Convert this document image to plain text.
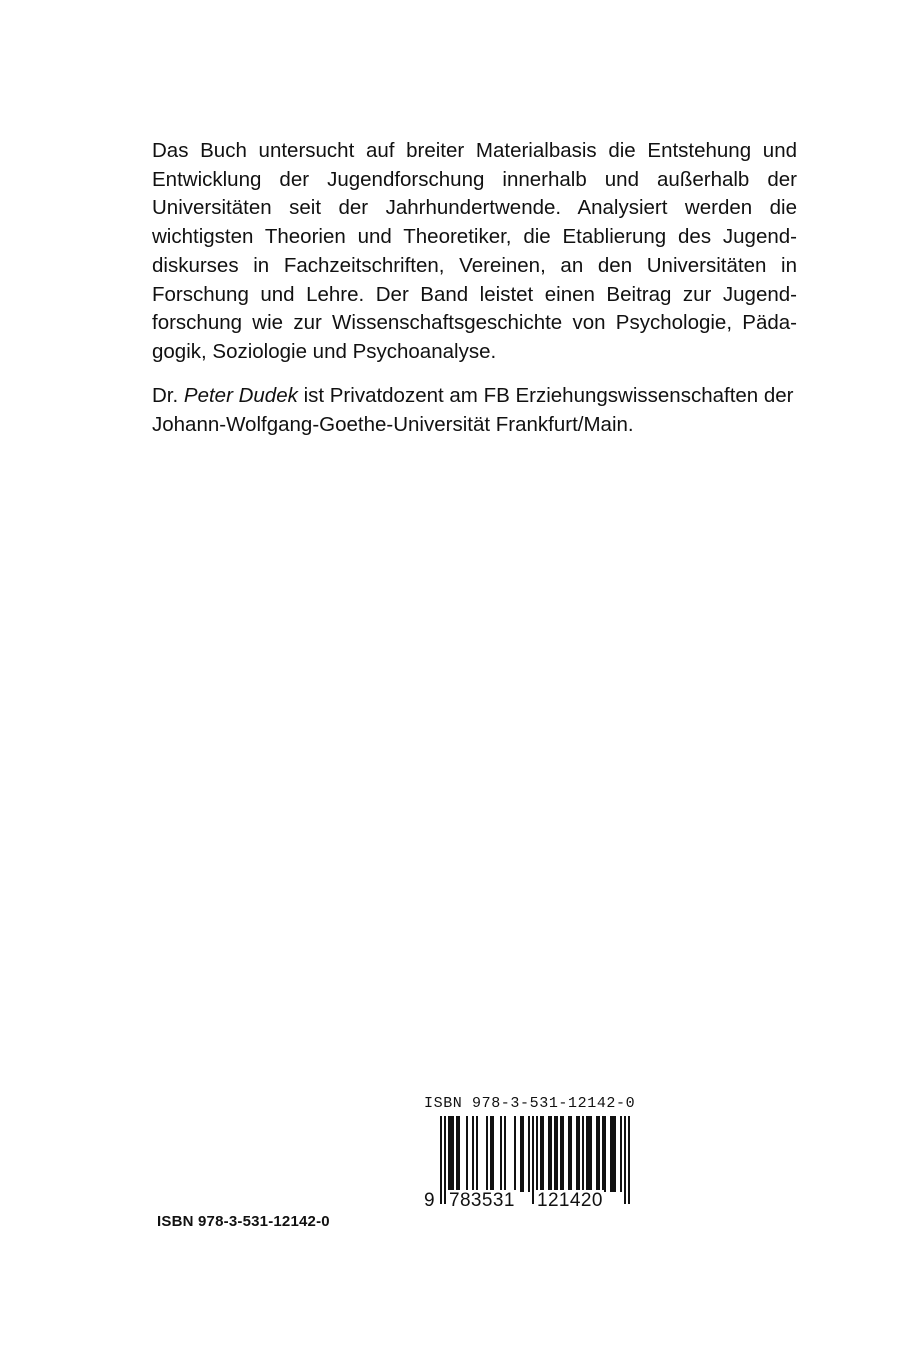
Das Buch untersucht auf breiter Materialbasis die Entstehung und Entwicklung der Jugendforschung innerhalb und außerhalb der Universitäten seit der Jahrhundertwende. Analysiert werden die wichtigsten Theorien und Theoretiker, die Etablierung des Jugenddiskurses in Fachzeitschriften, Vereinen, an den Universitäten in Forschung und Lehre. Der Band leistet einen Beitrag zur Jugendforschung wie zur Wissenschaftsgeschichte von Psychologie, Pädagogik, Soziologie und Psychoanalyse.

Dr. Peter Dudek ist Privatdozent am FB Erziehungswissenschaften der Johann-Wolfgang-Goethe-Universität Frankfurt/Main.
ISBN 978-3-531-12142-0
9 783531 121420
ISBN 978-3-531-12142-0
